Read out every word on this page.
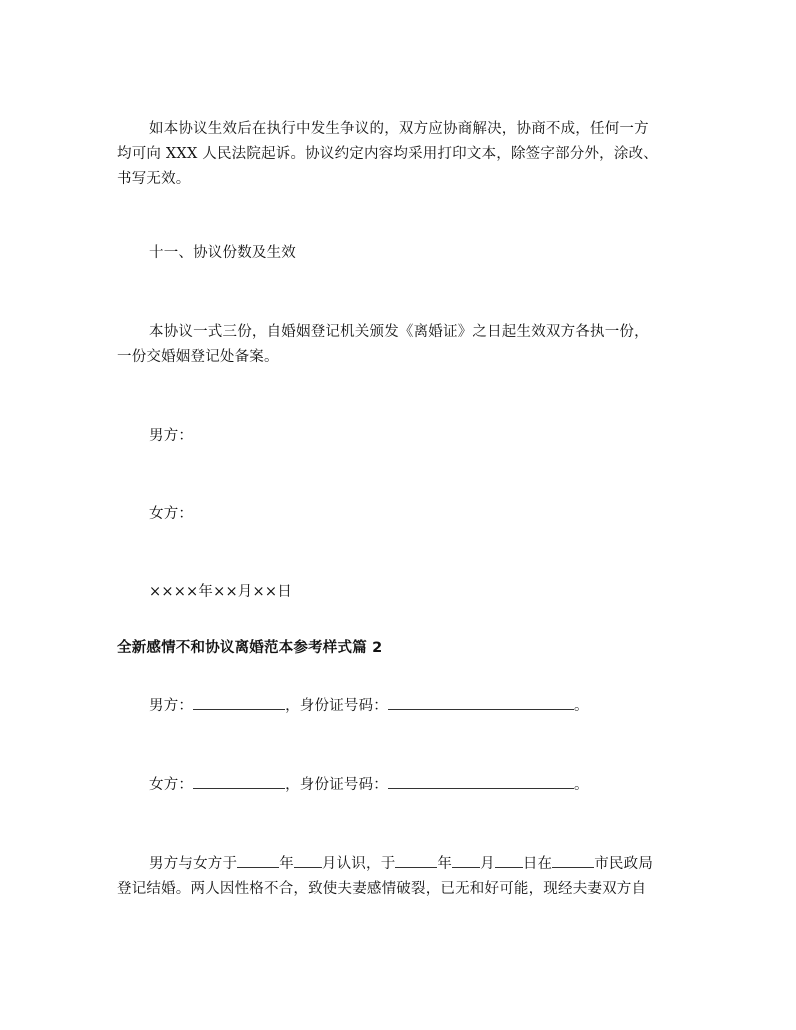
如本协议生效后在执行中发生争议的，双方应协商解决，协商不成，任何一方
均可向 XXX 人民法院起诉。协议约定内容均采用打印文本，除签字部分外，涂改、
书写无效。
十一、协议份数及生效
本协议一式三份，自婚姻登记机关颁发《离婚证》之日起生效双方各执一份，
一份交婚姻登记处备案。
男方：
女方：
××××年××月××日
全新感情不和协议离婚范本参考样式篇 2
男方：	，身份证号码：	。
女方：	，身份证号码：	。
男方与女方于	年 月认识，于	年 月 日在	市民政局
登记结婚。两人因性格不合，致使夫妻感情破裂，已无和好可能，现经夫妻双方自
